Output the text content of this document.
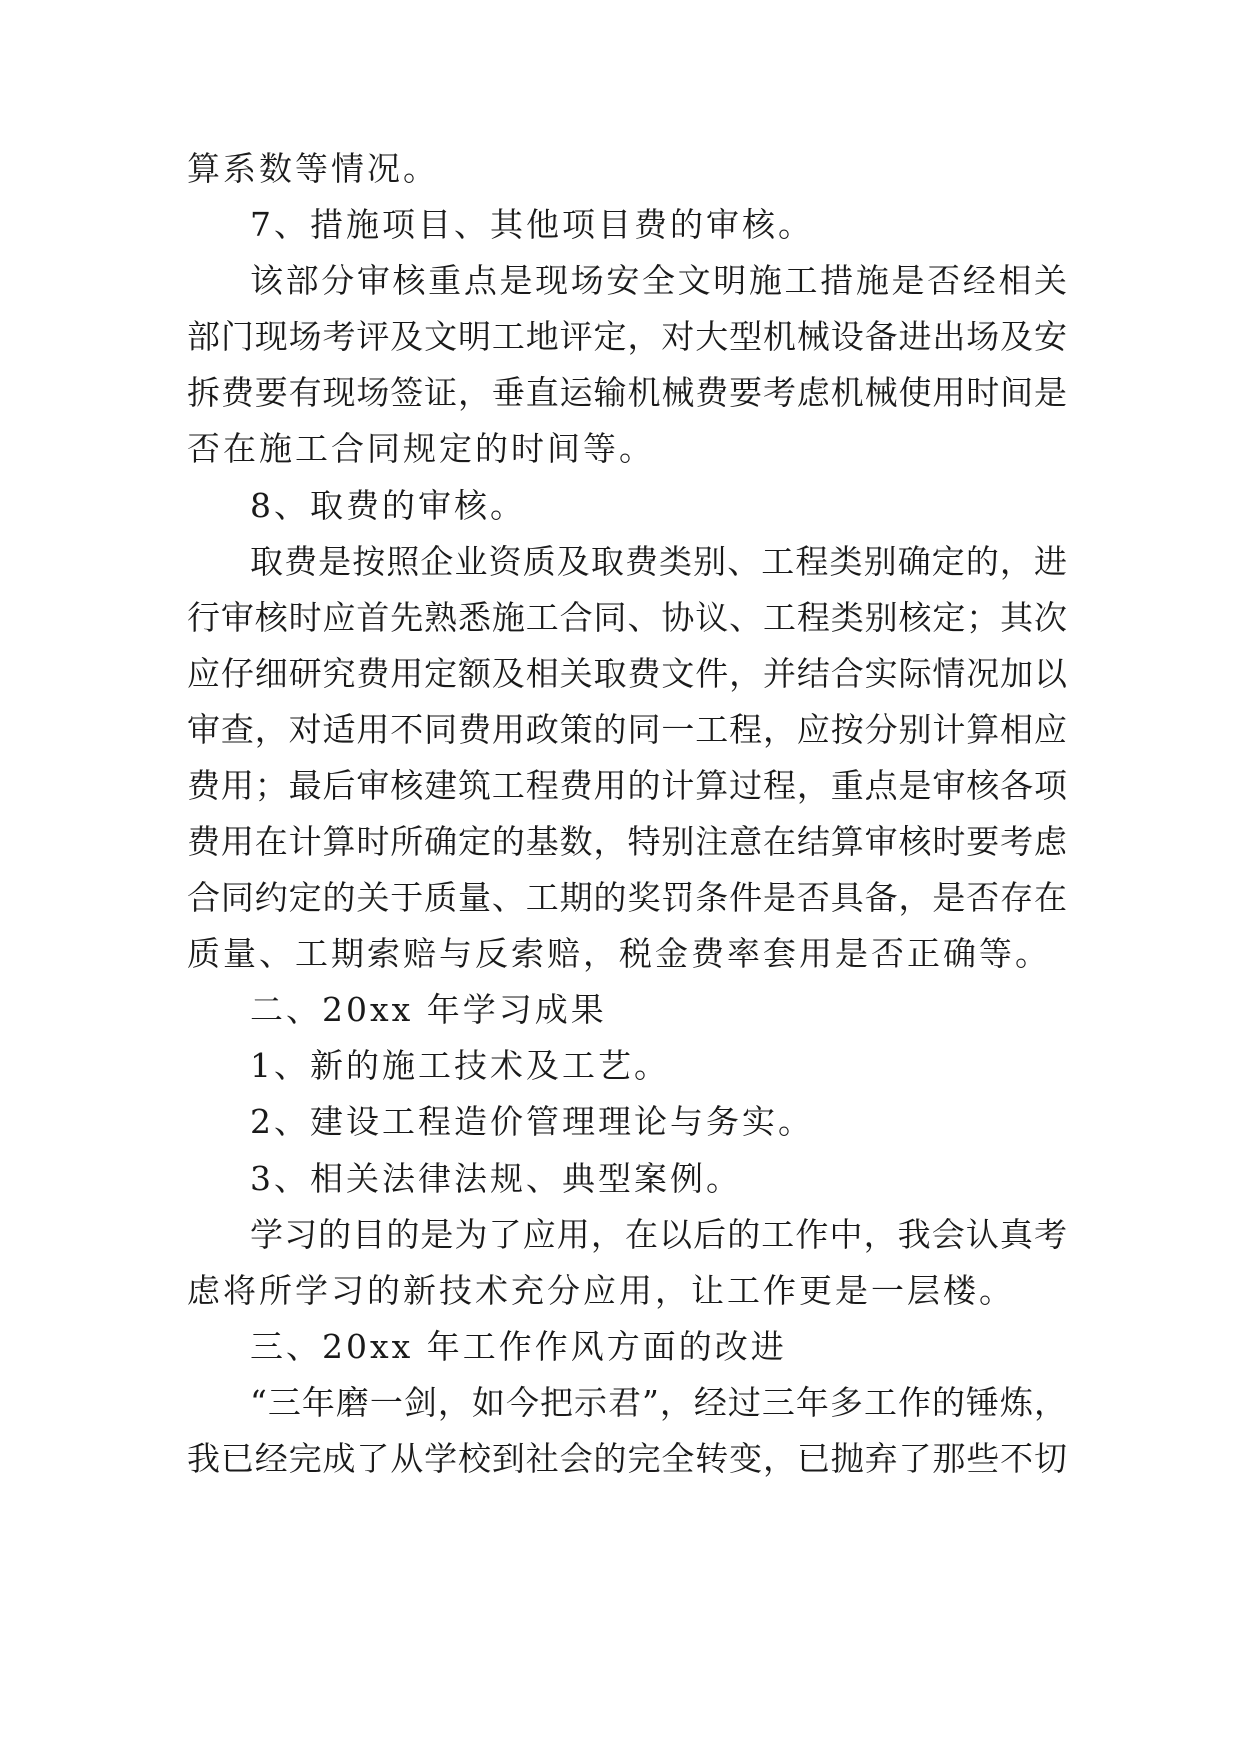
算系数等情况。
7、措施项目、其他项目费的审核。
该部分审核重点是现场安全文明施工措施是否经相关
部门现场考评及文明工地评定，对大型机械设备进出场及安
拆费要有现场签证，垂直运输机械费要考虑机械使用时间是
否在施工合同规定的时间等。
8、取费的审核。
取费是按照企业资质及取费类别、工程类别确定的，进
行审核时应首先熟悉施工合同、协议、工程类别核定；其次
应仔细研究费用定额及相关取费文件，并结合实际情况加以
审查，对适用不同费用政策的同一工程，应按分别计算相应
费用；最后审核建筑工程费用的计算过程，重点是审核各项
费用在计算时所确定的基数，特别注意在结算审核时要考虑
合同约定的关于质量、工期的奖罚条件是否具备，是否存在
质量、工期索赔与反索赔，税金费率套用是否正确等。
二、20xx 年学习成果
1、新的施工技术及工艺。
2、建设工程造价管理理论与务实。
3、相关法律法规、典型案例。
学习的目的是为了应用，在以后的工作中，我会认真考
虑将所学习的新技术充分应用，让工作更是一层楼。
三、20xx 年工作作风方面的改进
“三年磨一剑，如今把示君”，经过三年多工作的锤炼，
我已经完成了从学校到社会的完全转变，已抛弃了那些不切
